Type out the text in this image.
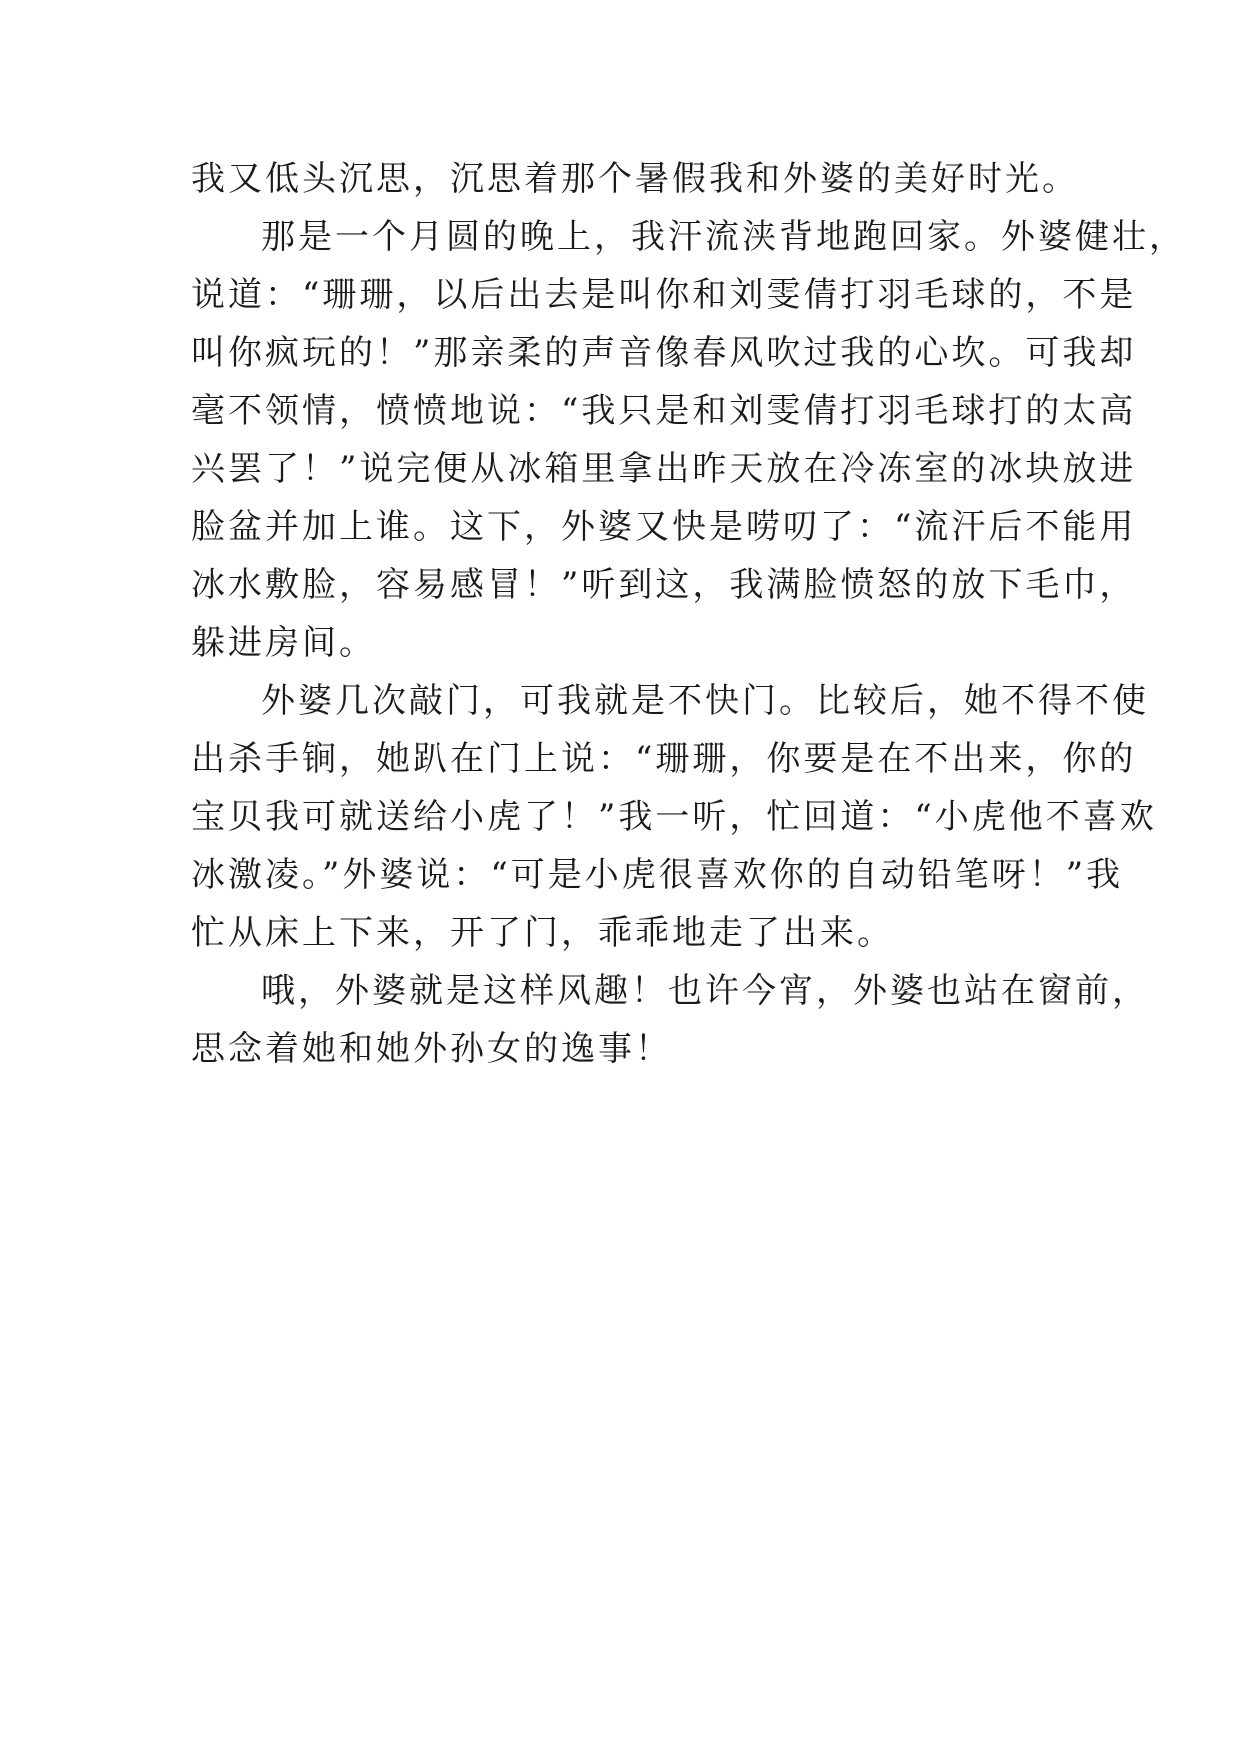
我又低头沉思，沉思着那个暑假我和外婆的美好时光。
那是一个月圆的晚上，我汗流浃背地跑回家。外婆健壮，
说道：“珊珊，以后出去是叫你和刘雯倩打羽毛球的，不是
叫你疯玩的！”那亲柔的声音像春风吹过我的心坎。可我却
毫不领情，愤愤地说：“我只是和刘雯倩打羽毛球打的太高
兴罢了！”说完便从冰箱里拿出昨天放在冷冻室的冰块放进
脸盆并加上谁。这下，外婆又快是唠叨了：“流汗后不能用
冰水敷脸，容易感冒！”听到这，我满脸愤怒的放下毛巾，
躲进房间。
外婆几次敲门，可我就是不快门。比较后，她不得不使
出杀手锏，她趴在门上说：“珊珊，你要是在不出来，你的
宝贝我可就送给小虎了！”我一听，忙回道：“小虎他不喜欢
冰激凌。”外婆说：“可是小虎很喜欢你的自动铅笔呀！”我
忙从床上下来，开了门，乖乖地走了出来。
哦，外婆就是这样风趣！也许今宵，外婆也站在窗前，
思念着她和她外孙女的逸事！
